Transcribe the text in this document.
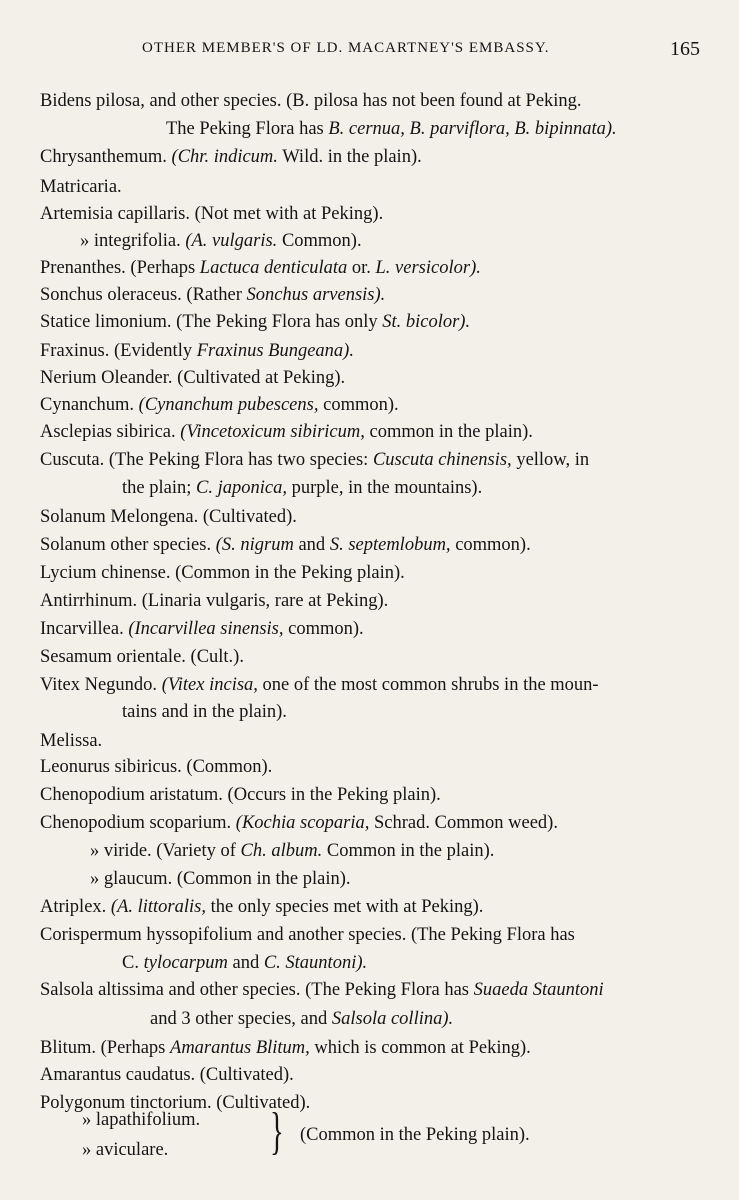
OTHER MEMBER'S OF LD. MACARTNEY'S EMBASSY.	165
Bidens pilosa, and other species. (B. pilosa has not been found at Peking.
The Peking Flora has B. cernua, B. parviflora, B. bipinnata).
Chrysanthemum. (Chr. indicum. Wild. in the plain).
Matricaria.
Artemisia capillaris. (Not met with at Peking).
» integrifolia. (A. vulgaris. Common).
Prenanthes. (Perhaps Lactuca denticulata or. L. versicolor).
Sonchus oleraceus. (Rather Sonchus arvensis).
Statice limonium. (The Peking Flora has only St. bicolor).
Fraxinus. (Evidently Fraxinus Bungeana).
Nerium Oleander. (Cultivated at Peking).
Cynanchum. (Cynanchum pubescens, common).
Asclepias sibirica. (Vincetoxicum sibiricum, common in the plain).
Cuscuta. (The Peking Flora has two species: Cuscuta chinensis, yellow, in
the plain; C. japonica, purple, in the mountains).
Solanum Melongena. (Cultivated).
Solanum other species. (S. nigrum and S. septemlobum, common).
Lycium chinense. (Common in the Peking plain).
Antirrhinum. (Linaria vulgaris, rare at Peking).
Incarvillea. (Incarvillea sinensis, common).
Sesamum orientale. (Cult.).
Vitex Negundo. (Vitex incisa, one of the most common shrubs in the moun-
tains and in the plain).
Melissa.
Leonurus sibiricus. (Common).
Chenopodium aristatum. (Occurs in the Peking plain).
Chenopodium scoparium. (Kochia scoparia, Schrad. Common weed).
» viride. (Variety of Ch. album. Common in the plain).
» glaucum. (Common in the plain).
Atriplex. (A. littoralis, the only species met with at Peking).
Corispermum hyssopifolium and another species. (The Peking Flora has
C. tylocarpum and C. Stauntoni).
Salsola altissima and other species. (The Peking Flora has Suaeda Stauntoni
and 3 other species, and Salsola collina).
Blitum. (Perhaps Amarantus Blitum, which is common at Peking).
Amarantus caudatus. (Cultivated).
Polygonum tinctorium. (Cultivated).
» lapathifolium.
» aviculare. } (Common in the Peking plain).
